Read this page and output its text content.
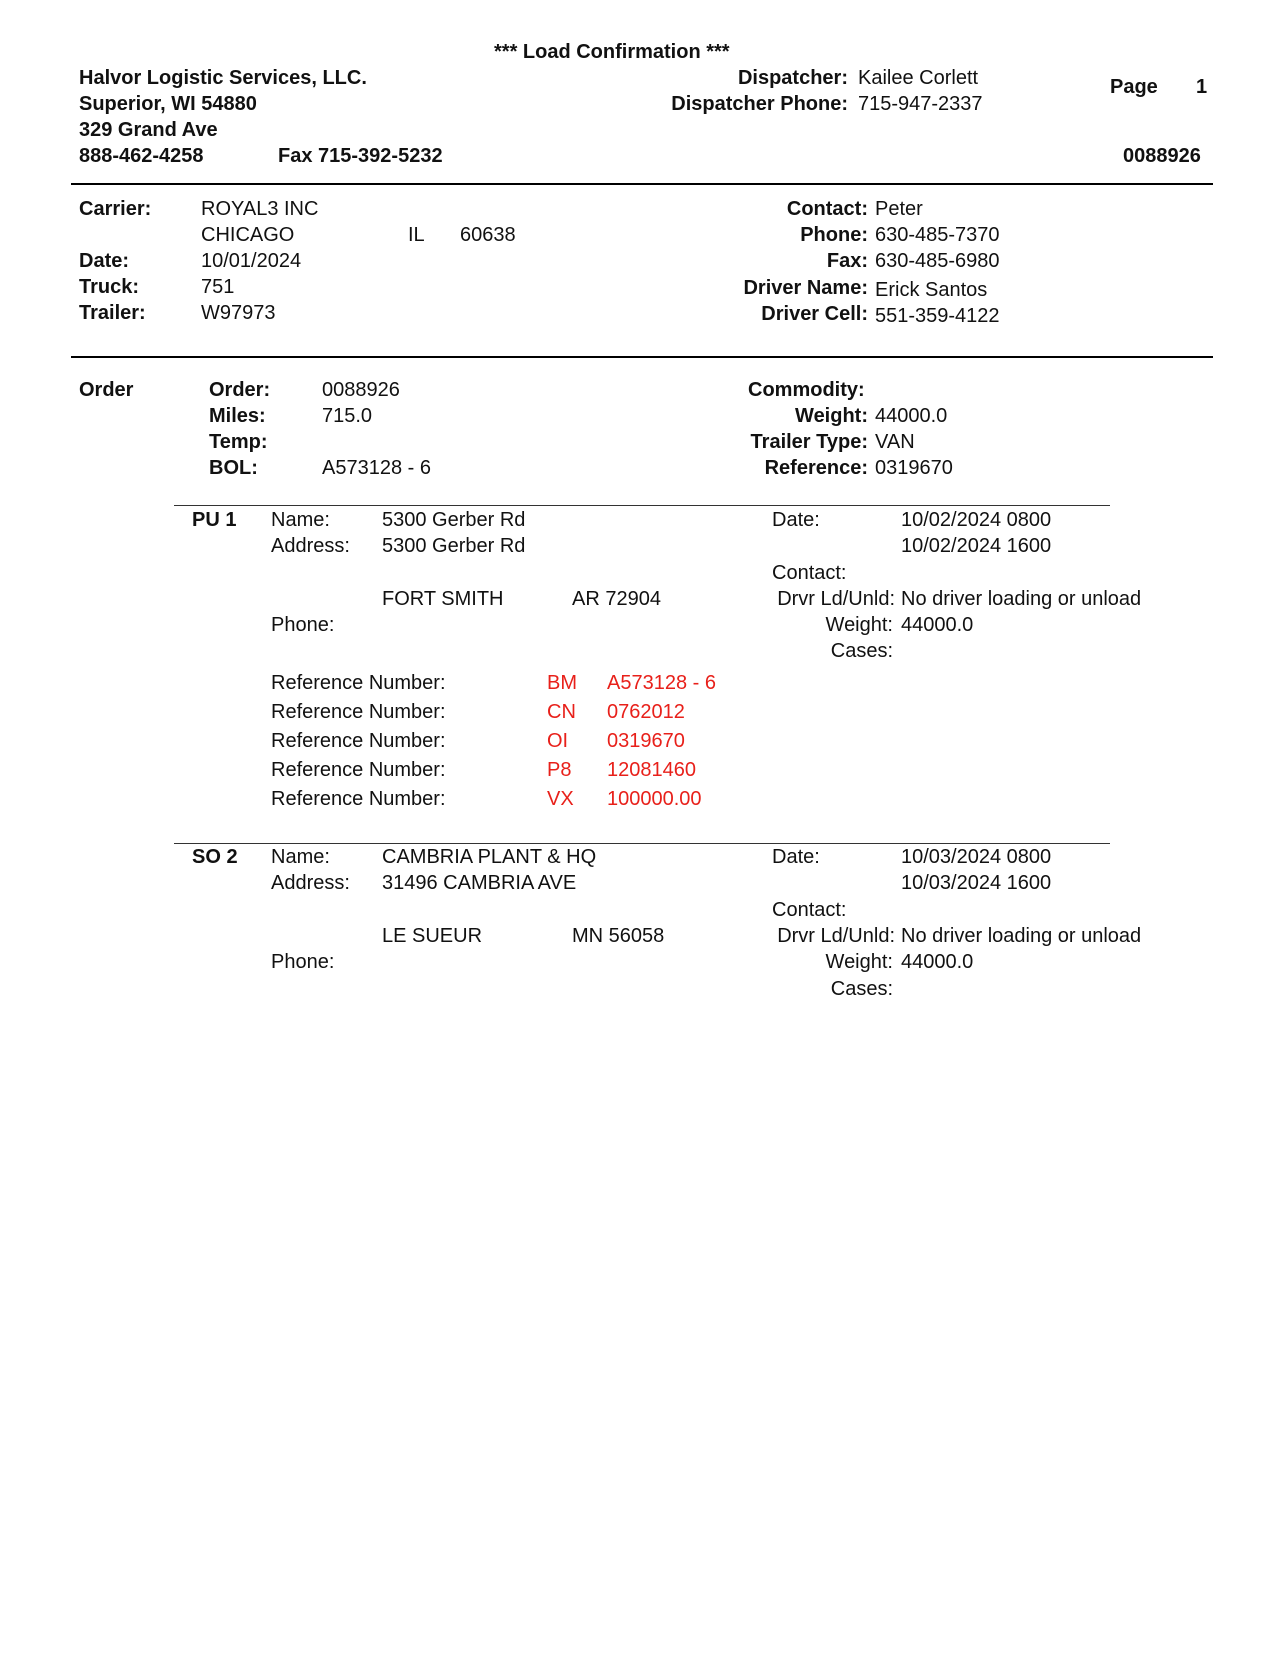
*** Load Confirmation ***
Halvor Logistic Services, LLC.
Superior, WI 54880
329 Grand Ave
888-462-4258	Fax 715-392-5232
Dispatcher: Kailee Corlett
Dispatcher Phone: 715-947-2337
Page 1
0088926
Carrier: ROYAL3 INC
CHICAGO	IL 60638
Date:	10/01/2024
Truck:	751
Trailer:	W97973
Contact: Peter
Phone: 630-485-7370
Fax: 630-485-6980
Driver Name: Erick Santos
Driver Cell: 551-359-4122
Order	Order:	0088926
Miles:	715.0
Temp:
BOL:	A573128 - 6
Commodity:
Weight: 44000.0
Trailer Type: VAN
Reference: 0319670
PU 1 Name:	5300 Gerber Rd
Address: 5300 Gerber Rd
FORT SMITH	AR 72904
Phone:
Date:	10/02/2024 0800
10/02/2024 1600
Contact:
Drvr Ld/Unld: No driver loading or unload
Weight: 44000.0
Cases:
Reference Number:	BM A573128 - 6
Reference Number:	CN 0762012
Reference Number:	OI 0319670
Reference Number:	P8 12081460
Reference Number:	VX 100000.00
SO 2 Name:	CAMBRIA PLANT & HQ
Address: 31496 CAMBRIA AVE
LE SUEUR	MN 56058
Phone:
Date:	10/03/2024 0800
10/03/2024 1600
Contact:
Drvr Ld/Unld: No driver loading or unload
Weight: 44000.0
Cases:
